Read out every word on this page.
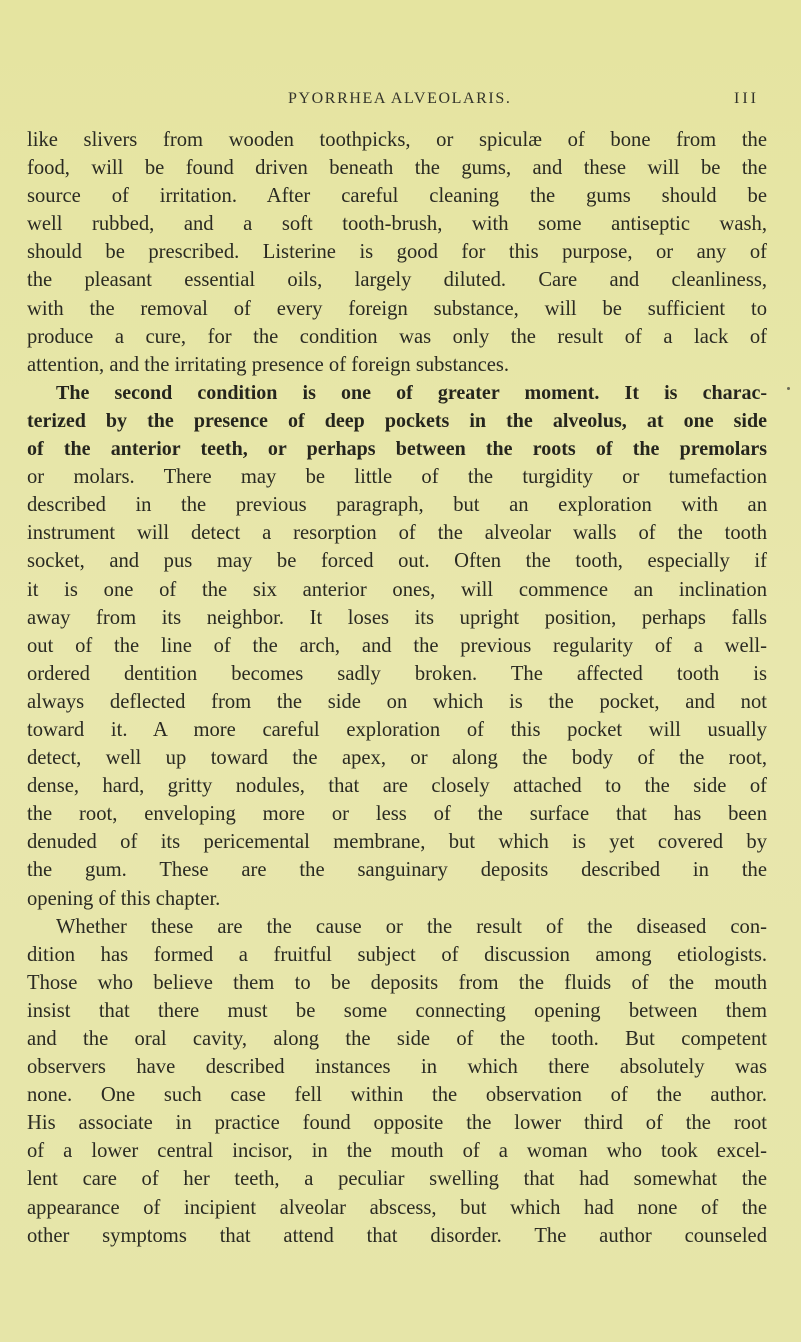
PYORRHEA ALVEOLARIS.	III
like slivers from wooden toothpicks, or spiculæ of bone from the
food, will be found driven beneath the gums, and these will be the
source of irritation. After careful cleaning the gums should be
well rubbed, and a soft tooth-brush, with some antiseptic wash,
should be prescribed. Listerine is good for this purpose, or any of
the pleasant essential oils, largely diluted. Care and cleanliness,
with the removal of every foreign substance, will be sufficient to
produce a cure, for the condition was only the result of a lack of
attention, and the irritating presence of foreign substances.
The second condition is one of greater moment. It is charac-
terized by the presence of deep pockets in the alveolus, at one side
of the anterior teeth, or perhaps between the roots of the premolars
or molars. There may be little of the turgidity or tumefaction
described in the previous paragraph, but an exploration with an
instrument will detect a resorption of the alveolar walls of the tooth
socket, and pus may be forced out. Often the tooth, especially if
it is one of the six anterior ones, will commence an inclination
away from its neighbor. It loses its upright position, perhaps falls
out of the line of the arch, and the previous regularity of a well-
ordered dentition becomes sadly broken. The affected tooth is
always deflected from the side on which is the pocket, and not
toward it. A more careful exploration of this pocket will usually
detect, well up toward the apex, or along the body of the root,
dense, hard, gritty nodules, that are closely attached to the side of
the root, enveloping more or less of the surface that has been
denuded of its pericemental membrane, but which is yet covered by
the gum. These are the sanguinary deposits described in the
opening of this chapter.
Whether these are the cause or the result of the diseased con-
dition has formed a fruitful subject of discussion among etiologists.
Those who believe them to be deposits from the fluids of the mouth
insist that there must be some connecting opening between them
and the oral cavity, along the side of the tooth. But competent
observers have described instances in which there absolutely was
none. One such case fell within the observation of the author.
His associate in practice found opposite the lower third of the root
of a lower central incisor, in the mouth of a woman who took excel-
lent care of her teeth, a peculiar swelling that had somewhat the
appearance of incipient alveolar abscess, but which had none of the
other symptoms that attend that disorder. The author counseled
